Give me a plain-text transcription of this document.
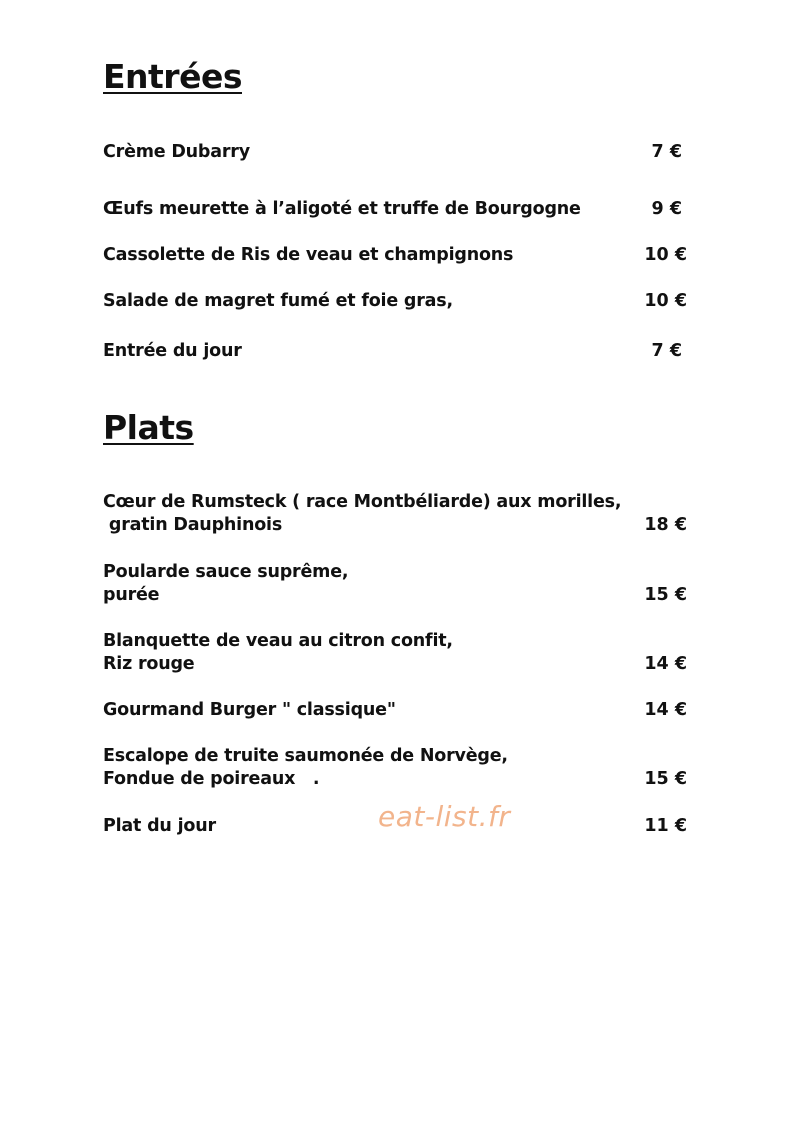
Entrées
Crème Dubarry	7 €
Œufs meurette à l’aligoté et truffe de Bourgogne	9 €
Cassolette de Ris de veau et champignons	10 €
Salade de magret fumé et foie gras,	10 €
Entrée du jour	7 €
Plats
Cœur de Rumsteck ( race Montbéliarde) aux morilles,
gratin Dauphinois	18 €
Poularde sauce suprême,
purée	15 €
Blanquette de veau au citron confit,
Riz rouge	14 €
Gourmand Burger " classique"	14 €
Escalope de truite saumonée de Norvège,
Fondue de poireaux   .	15 €
Plat du jour	11 €
eat-list.fr
